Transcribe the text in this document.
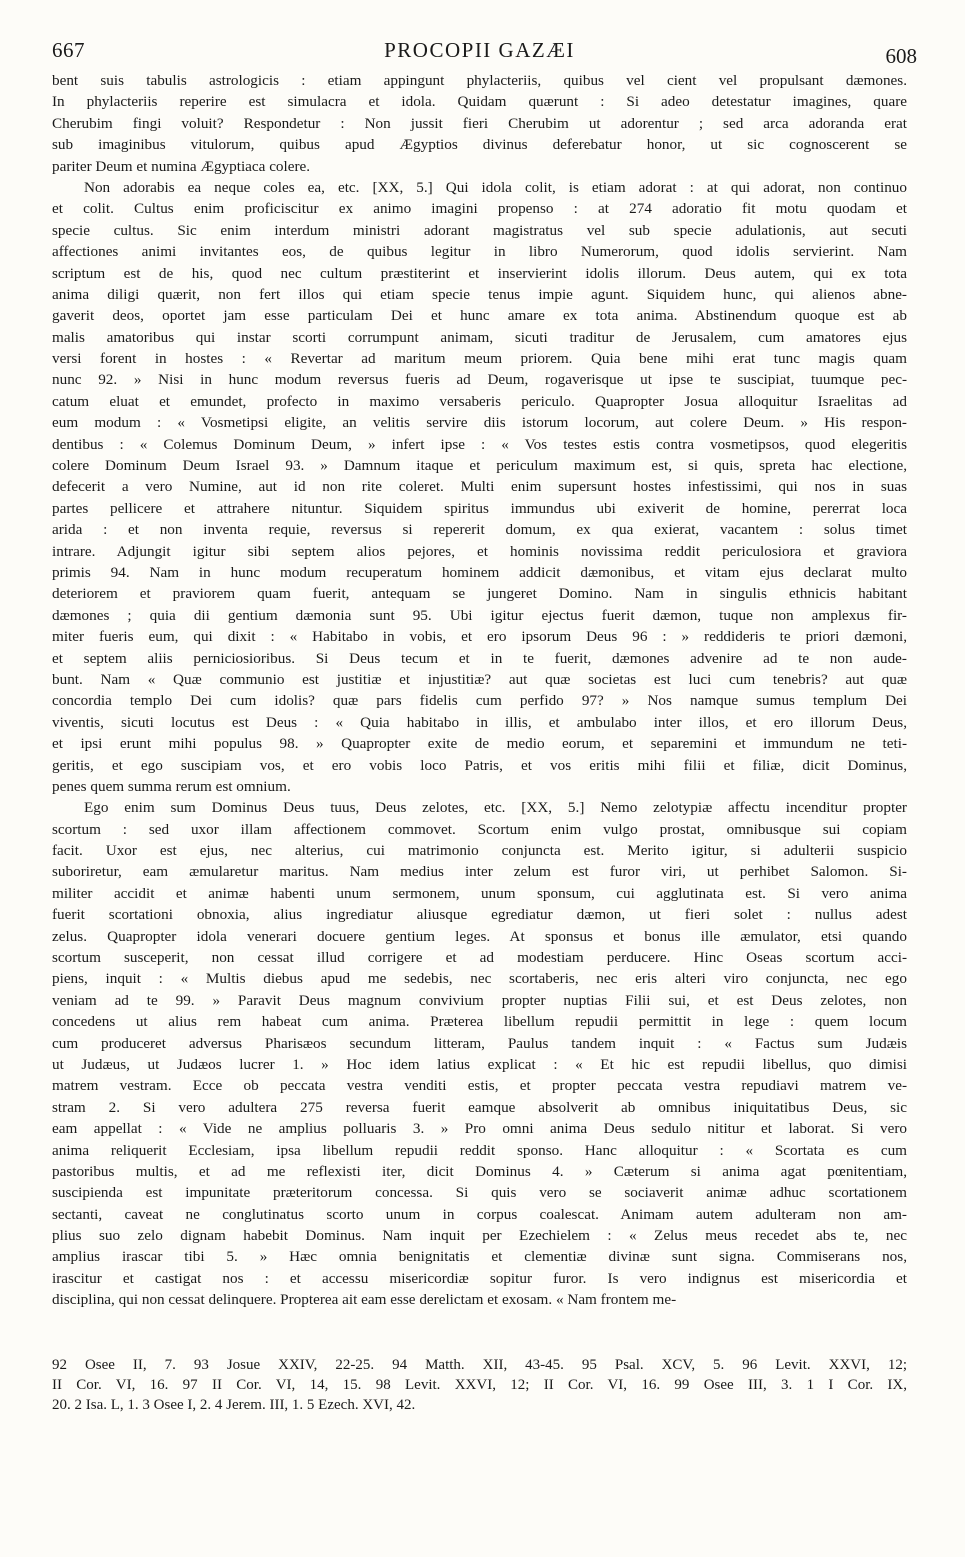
667	PROCOPII GAZÆI	608
bent suis tabulis astrologicis : etiam appingunt phylacteriis, quibus vel cient vel propulsant dæmones.
In phylacteriis reperire est simulacra et idola. Quidam quærunt : Si adeo detestatur imagines, quare
Cherubim fingi voluit? Respondetur : Non jussit fieri Cherubim ut adorentur ; sed arca adoranda erat
sub imaginibus vitulorum, quibus apud Ægyptios divinus deferebatur honor, ut sic cognoscerent se
pariter Deum et numina Ægyptiaca colere.
Non adorabis ea neque coles ea, etc. [XX, 5.] Qui idola colit, is etiam adorat : at qui adorat, non continuo
et colit. Cultus enim proficiscitur ex animo imagini propenso : at 274 adoratio fit motu quodam et
specie cultus. Sic enim interdum ministri adorant magistratus vel sub specie adulationis, aut secuti
affectiones animi invitantes eos, de quibus legitur in libro Numerorum, quod idolis servierint. Nam
scriptum est de his, quod nec cultum præstiterint et inservierint idolis illorum. Deus autem, qui ex tota
anima diligi quærit, non fert illos qui etiam specie tenus impie agunt. Siquidem hunc, qui alienos abne-
gaverit deos, oportet jam esse particulam Dei et hunc amare ex tota anima. Abstinendum quoque est ab
malis amatoribus qui instar scorti corrumpunt animam, sicuti traditur de Jerusalem, cum amatores ejus
versi forent in hostes : « Revertar ad maritum meum priorem. Quia bene mihi erat tunc magis quam
nunc 92. » Nisi in hunc modum reversus fueris ad Deum, rogaverisque ut ipse te suscipiat, tuumque pec-
catum eluat et emundet, profecto in maximo versaberis periculo. Quapropter Josua alloquitur Israelitas ad
eum modum : « Vosmetipsi eligite, an velitis servire diis istorum locorum, aut colere Deum. » His respon-
dentibus : « Colemus Dominum Deum, » infert ipse : « Vos testes estis contra vosmetipsos, quod elegeritis
colere Dominum Deum Israel 93. » Damnum itaque et periculum maximum est, si quis, spreta hac electione,
defecerit a vero Numine, aut id non rite coleret. Multi enim supersunt hostes infestissimi, qui nos in suas
partes pellicere et attrahere nituntur. Siquidem spiritus immundus ubi exiverit de homine, pererrat loca
arida : et non inventa requie, reversus si repererit domum, ex qua exierat, vacantem : solus timet
intrare. Adjungit igitur sibi septem alios pejores, et hominis novissima reddit periculosiora et graviora
primis 94. Nam in hunc modum recuperatum hominem addicit dæmonibus, et vitam ejus declarat multo
deteriorem et praviorem quam fuerit, antequam se jungeret Domino. Nam in singulis ethnicis habitant
dæmones ; quia dii gentium dæmonia sunt 95. Ubi igitur ejectus fuerit dæmon, tuque non amplexus fir-
miter fueris eum, qui dixit : « Habitabo in vobis, et ero ipsorum Deus 96 : » reddideris te priori dæmoni,
et septem aliis perniciosioribus. Si Deus tecum et in te fuerit, dæmones advenire ad te non aude-
bunt. Nam « Quæ communio est justitiæ et injustitiæ? aut quæ societas est luci cum tenebris? aut quæ
concordia templo Dei cum idolis? quæ pars fidelis cum perfido 97? » Nos namque sumus templum Dei
viventis, sicuti locutus est Deus : « Quia habitabo in illis, et ambulabo inter illos, et ero illorum Deus,
et ipsi erunt mihi populus 98. » Quapropter exite de medio eorum, et separemini et immundum ne teti-
geritis, et ego suscipiam vos, et ero vobis loco Patris, et vos eritis mihi filii et filiæ, dicit Dominus,
penes quem summa rerum est omnium.
Ego enim sum Dominus Deus tuus, Deus zelotes, etc. [XX, 5.] Nemo zelotypiæ affectu incenditur propter
scortum : sed uxor illam affectionem commovet. Scortum enim vulgo prostat, omnibusque sui copiam
facit. Uxor est ejus, nec alterius, cui matrimonio conjuncta est. Merito igitur, si adulterii suspicio
suboriretur, eam æmularetur maritus. Nam medius inter zelum est furor viri, ut perhibet Salomon. Si-
militer accidit et animæ habenti unum sermonem, unum sponsum, cui agglutinata est. Si vero anima
fuerit scortationi obnoxia, alius ingrediatur aliusque egrediatur dæmon, ut fieri solet : nullus adest
zelus. Quapropter idola venerari docuere gentium leges. At sponsus et bonus ille æmulator, etsi quando
scortum susceperit, non cessat illud corrigere et ad modestiam perducere. Hinc Oseas scortum acci-
piens, inquit : « Multis diebus apud me sedebis, nec scortaberis, nec eris alteri viro conjuncta, nec ego
veniam ad te 99. » Paravit Deus magnum convivium propter nuptias Filii sui, et est Deus zelotes, non
concedens ut alius rem habeat cum anima. Præterea libellum repudii permittit in lege : quem locum
cum produceret adversus Pharisæos secundum litteram, Paulus tandem inquit : « Factus sum Judæis
ut Judæus, ut Judæos lucrer 1. » Hoc idem latius explicat : « Et hic est repudii libellus, quo dimisi
matrem vestram. Ecce ob peccata vestra venditi estis, et propter peccata vestra repudiavi matrem ve-
stram 2. Si vero adultera 275 reversa fuerit eamque absolverit ab omnibus iniquitatibus Deus, sic
eam appellat : « Vide ne amplius polluaris 3. » Pro omni anima Deus sedulo nititur et laborat. Si vero
anima reliquerit Ecclesiam, ipsa libellum repudii reddit sponso. Hanc alloquitur : « Scortata es cum
pastoribus multis, et ad me reflexisti iter, dicit Dominus 4. » Cæterum si anima agat pœnitentiam,
suscipienda est impunitate præteritorum concessa. Si quis vero se sociaverit animæ adhuc scortationem
sectanti, caveat ne conglutinatus scorto unum in corpus coalescat. Animam autem adulteram non am-
plius suo zelo dignam habebit Dominus. Nam inquit per Ezechielem : « Zelus meus recedet abs te, nec
amplius irascar tibi 5. » Hæc omnia benignitatis et clementiæ divinæ sunt signa. Commiserans nos,
irascitur et castigat nos : et accessu misericordiæ sopitur furor. Is vero indignus est misericordia et
disciplina, qui non cessat delinquere. Propterea ait eam esse derelictam et exosam. « Nam frontem me-
92 Osee II, 7. 93 Josue XXIV, 22-25. 94 Matth. XII, 43-45. 95 Psal. XCV, 5. 96 Levit. XXVI, 12;
II Cor. VI, 16. 97 II Cor. VI, 14, 15. 98 Levit. XXVI, 12; II Cor. VI, 16. 99 Osee III, 3. 1 I Cor. IX,
20. 2 Isa. L, 1. 3 Osee I, 2. 4 Jerem. III, 1. 5 Ezech. XVI, 42.
